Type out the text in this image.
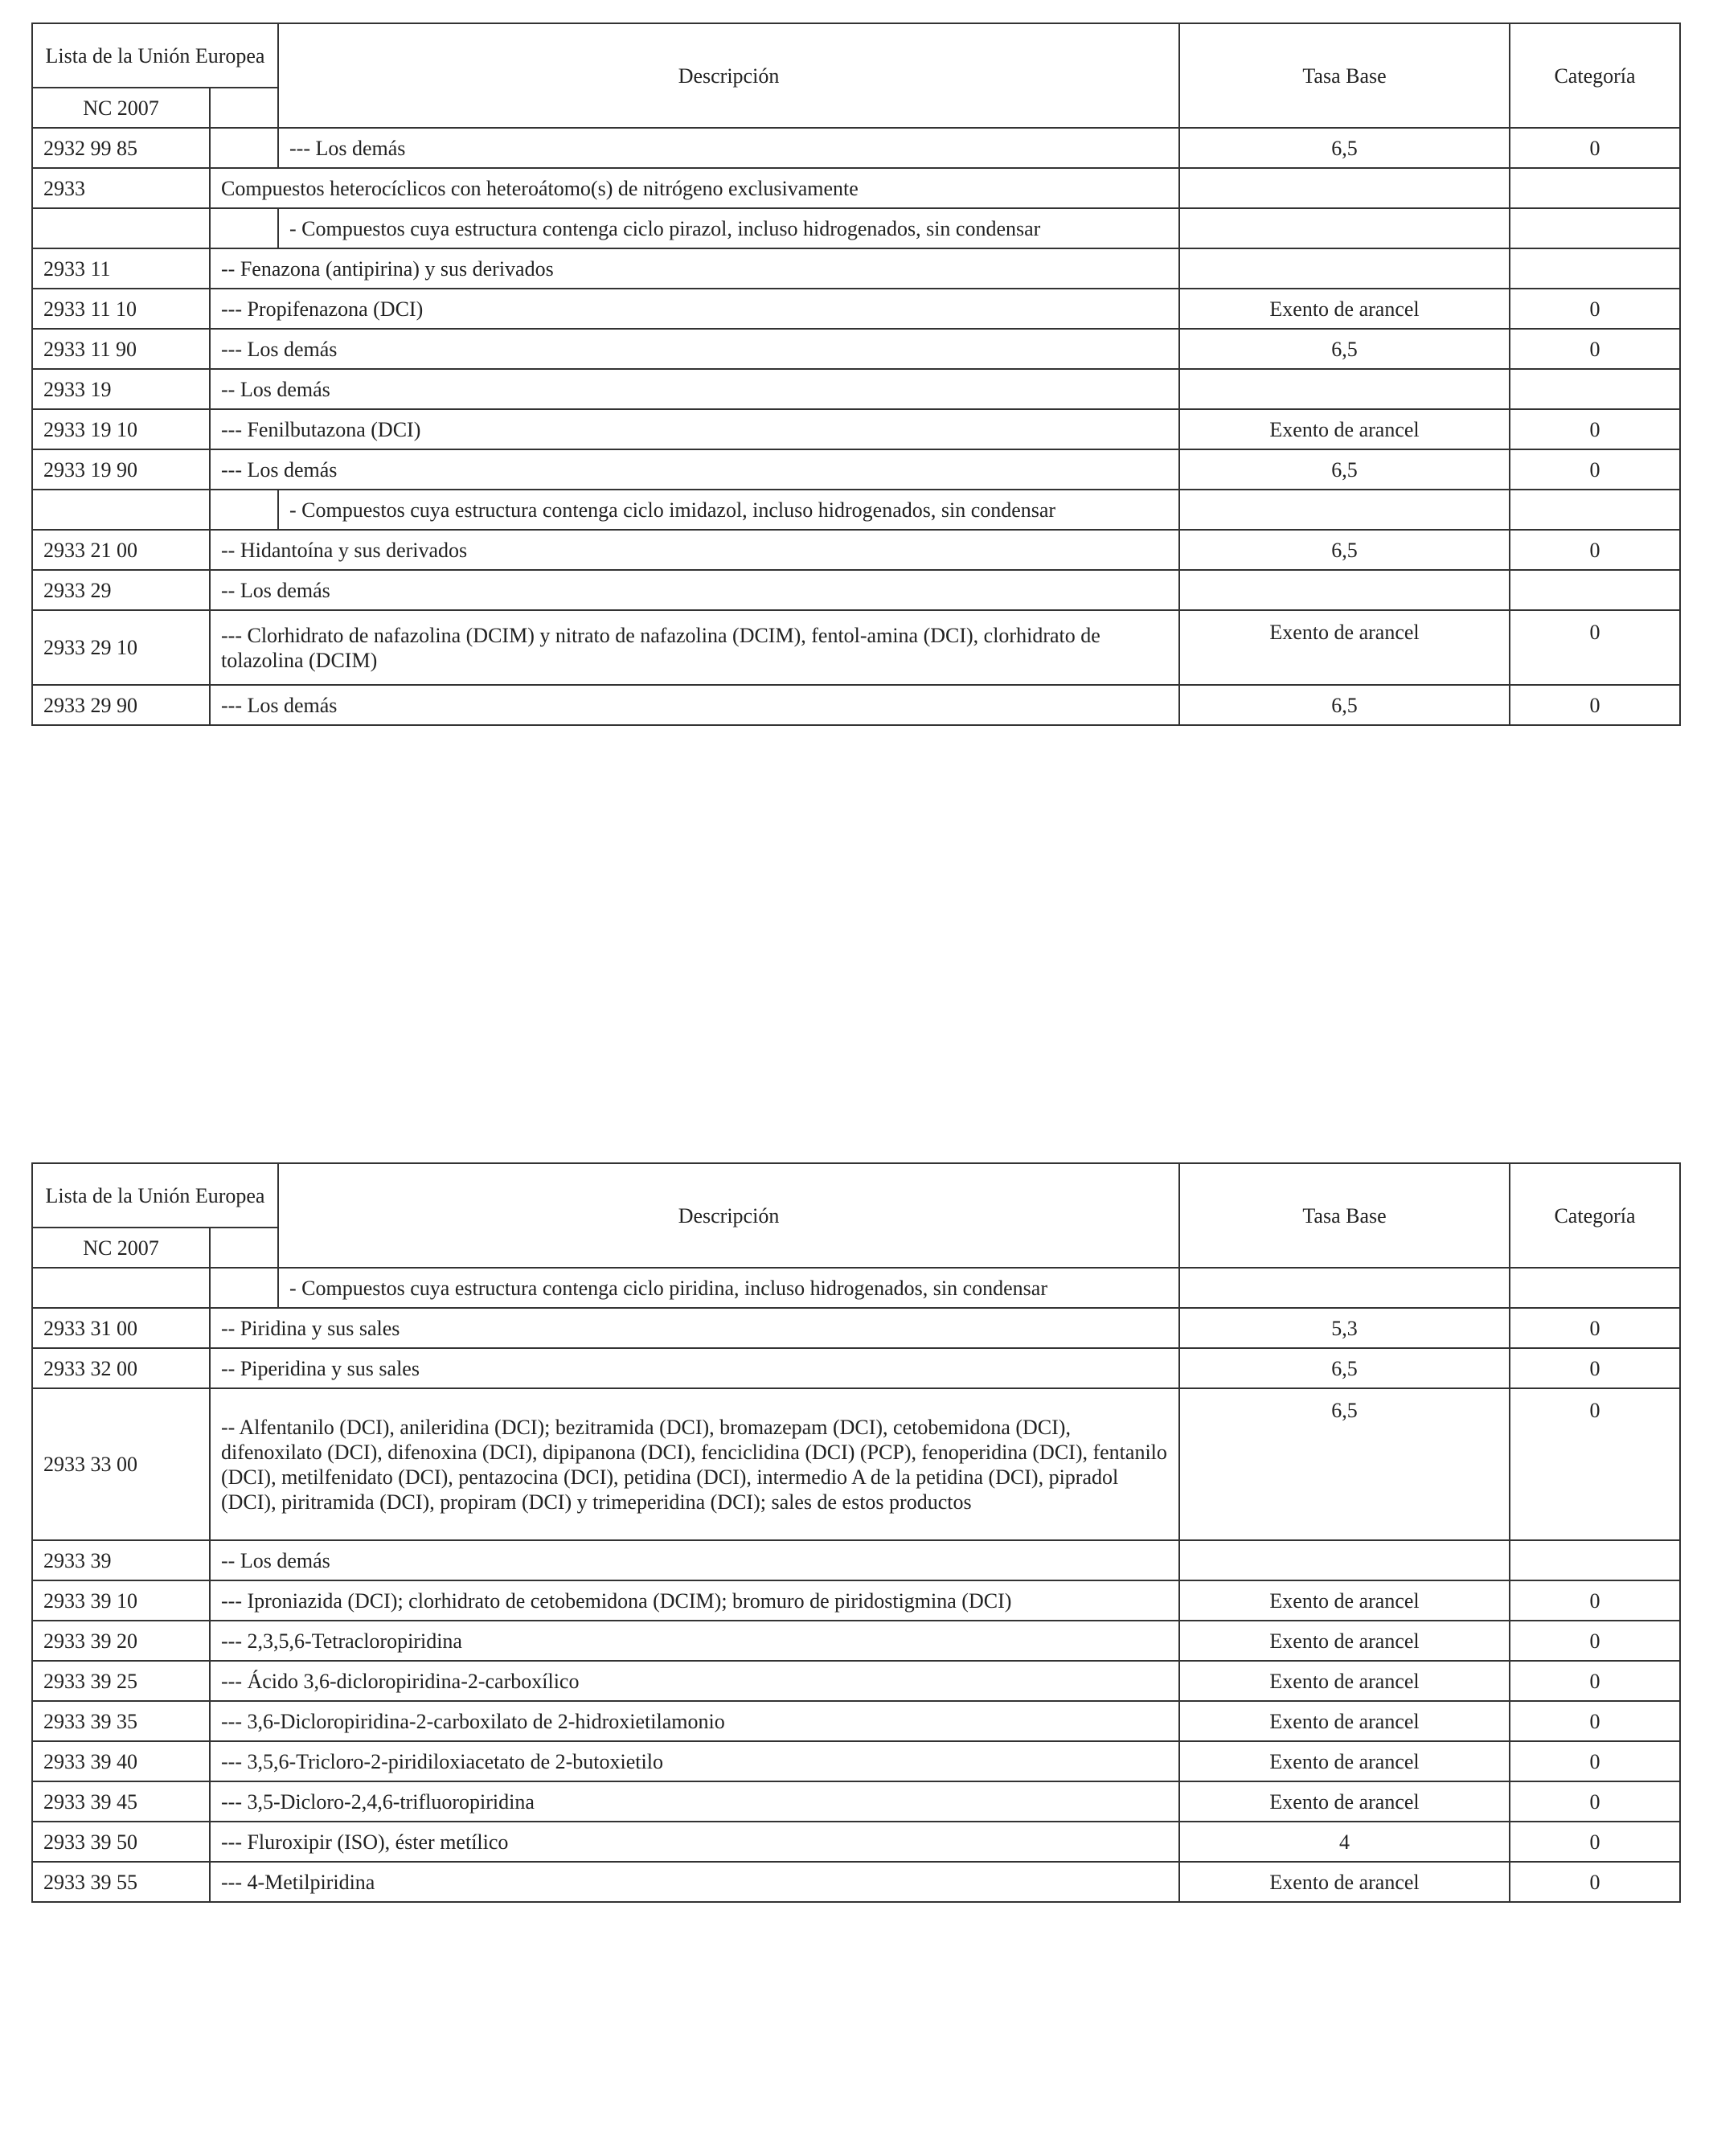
Lista de la Unión Europea		Descripción	Tasa Base	Categoría
NC 2007				
2932 99 85		--- Los demás	6,5	0
2933	Compuestos heterocíclicos con heteroátomo(s) de nitrógeno exclusivamente			
		- Compuestos cuya estructura contenga ciclo pirazol, incluso hidrogenados, sin condensar		
2933 11	-- Fenazona (antipirina) y sus derivados			
2933 11 10	--- Propifenazona (DCI)		Exento de arancel	0
2933 11 90	--- Los demás		6,5	0
2933 19	-- Los demás			
2933 19 10	--- Fenilbutazona (DCI)		Exento de arancel	0
2933 19 90	--- Los demás		6,5	0
		- Compuestos cuya estructura contenga ciclo imidazol, incluso hidrogenados, sin condensar		
2933 21 00	-- Hidantoína y sus derivados		6,5	0
2933 29	-- Los demás			
2933 29 10	--- Clorhidrato de nafazolina (DCIM) y nitrato de nafazolina (DCIM), fentol-amina (DCI), clorhidrato de tolazolina (DCIM)		Exento de arancel	0
2933 29 90	--- Los demás		6,5	0
Lista de la Unión Europea		Descripción	Tasa Base	Categoría
NC 2007				
		- Compuestos cuya estructura contenga ciclo piridina, incluso hidrogenados, sin condensar		
2933 31 00	-- Piridina y sus sales		5,3	0
2933 32 00	-- Piperidina y sus sales		6,5	0
2933 33 00	-- Alfentanilo (DCI), anileridina (DCI); bezitramida (DCI), bromazepam (DCI), cetobemidona (DCI), difenoxilato (DCI), difenoxina (DCI), dipipanona (DCI), fenciclidina (DCI) (PCP), fenoperidina (DCI), fentanilo (DCI), metilfenidato (DCI), pentazocina (DCI), petidina (DCI), intermedio A de la petidina (DCI), pipradol (DCI), piritramida (DCI), propiram (DCI) y trimeperidina (DCI); sales de estos productos		6,5	0
2933 39	-- Los demás			
2933 39 10	--- Iproniazida (DCI); clorhidrato de cetobemidona (DCIM); bromuro de piridostigmina (DCI)		Exento de arancel	0
2933 39 20	--- 2,3,5,6-Tetracloropiridina		Exento de arancel	0
2933 39 25	--- Ácido 3,6-dicloropiridina-2-carboxílico		Exento de arancel	0
2933 39 35	--- 3,6-Dicloropiridina-2-carboxilato de 2-hidroxietilamonio		Exento de arancel	0
2933 39 40	--- 3,5,6-Tricloro-2-piridiloxiacetato de 2-butoxietilo		Exento de arancel	0
2933 39 45	--- 3,5-Dicloro-2,4,6-trifluoropiridina		Exento de arancel	0
2933 39 50	--- Fluroxipir (ISO), éster metílico		4	0
2933 39 55	--- 4-Metilpiridina		Exento de arancel	0
